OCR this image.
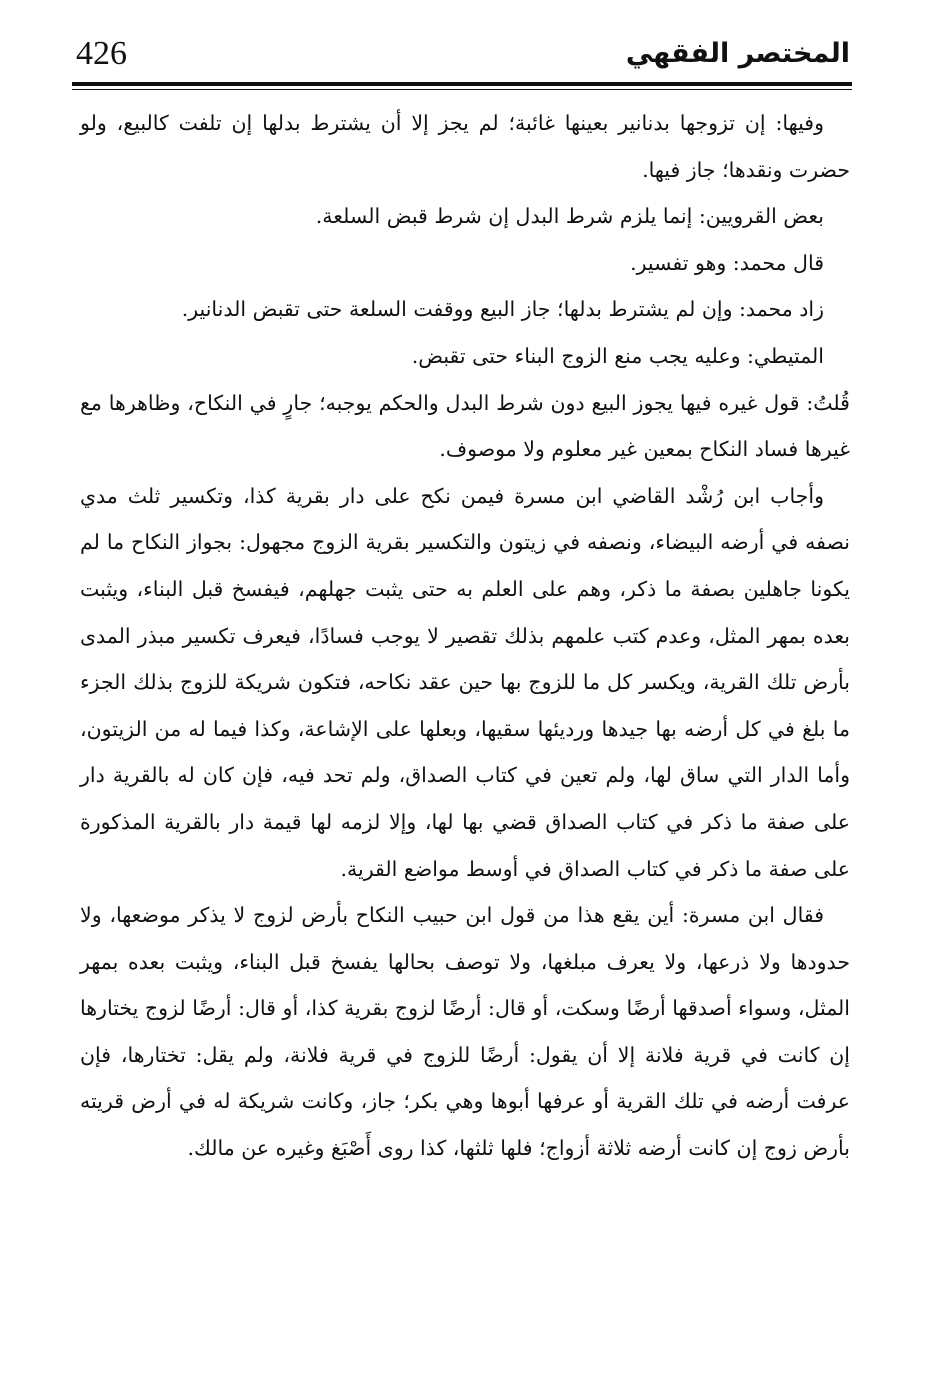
426	المختصر الفقهي

وفيها: إن تزوجها بدنانير بعينها غائبة؛ لم يجز إلا أن يشترط بدلها إن تلفت كالبيع، ولو حضرت ونقدها؛ جاز فيها.

بعض القرويين: إنما يلزم شرط البدل إن شرط قبض السلعة.

قال محمد: وهو تفسير.

زاد محمد: وإن لم يشترط بدلها؛ جاز البيع ووقفت السلعة حتى تقبض الدنانير.

المتيطي: وعليه يجب منع الزوج البناء حتى تقبض.

قُلتُ: قول غيره فيها يجوز البيع دون شرط البدل والحكم يوجبه؛ جارٍ في النكاح، وظاهرها مع غيرها فساد النكاح بمعين غير معلوم ولا موصوف.

وأجاب ابن رُشْد القاضي ابن مسرة فيمن نكح على دار بقرية كذا، وتكسير ثلث مدي نصفه في أرضه البيضاء، ونصفه في زيتون والتكسير بقرية الزوج مجهول: بجواز النكاح ما لم يكونا جاهلين بصفة ما ذكر، وهم على العلم به حتى يثبت جهلهم، فيفسخ قبل البناء، ويثبت بعده بمهر المثل، وعدم كتب علمهم بذلك تقصير لا يوجب فسادًا، فيعرف تكسير مبذر المدى بأرض تلك القرية، ويكسر كل ما للزوج بها حين عقد نكاحه، فتكون شريكة للزوج بذلك الجزء ما بلغ في كل أرضه بها جيدها ورديئها سقيها، وبعلها على الإشاعة، وكذا فيما له من الزيتون، وأما الدار التي ساق لها، ولم تعين في كتاب الصداق، ولم تحد فيه، فإن كان له بالقرية دار على صفة ما ذكر في كتاب الصداق قضي بها لها، وإلا لزمه لها قيمة دار بالقرية المذكورة على صفة ما ذكر في كتاب الصداق في أوسط مواضع القرية.

فقال ابن مسرة: أين يقع هذا من قول ابن حبيب النكاح بأرض لزوج لا يذكر موضعها، ولا حدودها ولا ذرعها، ولا يعرف مبلغها، ولا توصف بحالها يفسخ قبل البناء، ويثبت بعده بمهر المثل، وسواء أصدقها أرضًا وسكت، أو قال: أرضًا لزوج بقرية كذا، أو قال: أرضًا لزوج يختارها إن كانت في قرية فلانة إلا أن يقول: أرضًا للزوج في قرية فلانة، ولم يقل: تختارها، فإن عرفت أرضه في تلك القرية أو عرفها أبوها وهي بكر؛ جاز، وكانت شريكة له في أرض قريته بأرض زوج إن كانت أرضه ثلاثة أزواج؛ فلها ثلثها، كذا روى أَصْبَغ وغيره عن مالك.
